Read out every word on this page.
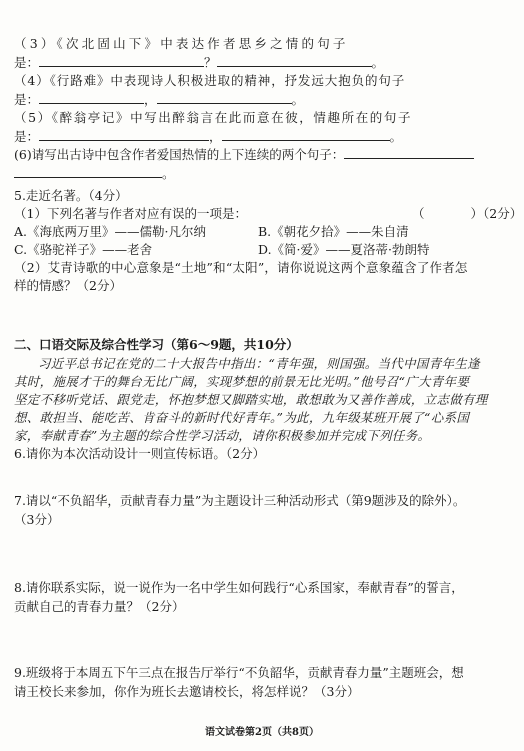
（3）《次北固山下》中表达作者思乡之情的句子
是：	？	。
（4）《行路难》中表现诗人积极进取的精神，抒发远大抱负的句子
是：	，	。
（5）《醉翁亭记》中写出醉翁言在此而意在彼，情趣所在的句子
是：	，	。
(6)请写出古诗中包含作者爱国热情的上下连续的两个句子：
。
5.走近名著。（4分）
（1）下列名著与作者对应有误的一项是：	（	）（2分）
A.《海底两万里》——儒勒·凡尔纳	B.《朝花夕拾》——朱自清
C.《骆驼祥子》——老舍	D.《简·爱》——夏洛蒂·勃朗特
（2）艾青诗歌的中心意象是“土地”和“太阳”，请你说说这两个意象蕴含了作者怎
样的情感？（2分）
二、口语交际及综合性学习（第6～9题，共10分）
习近平总书记在党的二十大报告中指出：“青年强，则国强。当代中国青年生逢
其时，施展才干的舞台无比广阔，实现梦想的前景无比光明。”他号召“广大青年要
坚定不移听党话、跟党走，怀抱梦想又脚踏实地，敢想敢为又善作善成，立志做有理
想、敢担当、能吃苦、肯奋斗的新时代好青年。”为此，九年级某班开展了“心系国
家，奉献青春”为主题的综合性学习活动，请你积极参加并完成下列任务。
6.请你为本次活动设计一则宣传标语。（2分）
7.请以“不负韶华，贡献青春力量”为主题设计三种活动形式（第9题涉及的除外）。
（3分）
8.请你联系实际，说一说作为一名中学生如何践行“心系国家，奉献青春”的誓言，
贡献自己的青春力量？（2分）
9.班级将于本周五下午三点在报告厅举行“不负韶华，贡献青春力量”主题班会，想
请王校长来参加，你作为班长去邀请校长，将怎样说？（3分）
语文试卷第2页（共8页）
